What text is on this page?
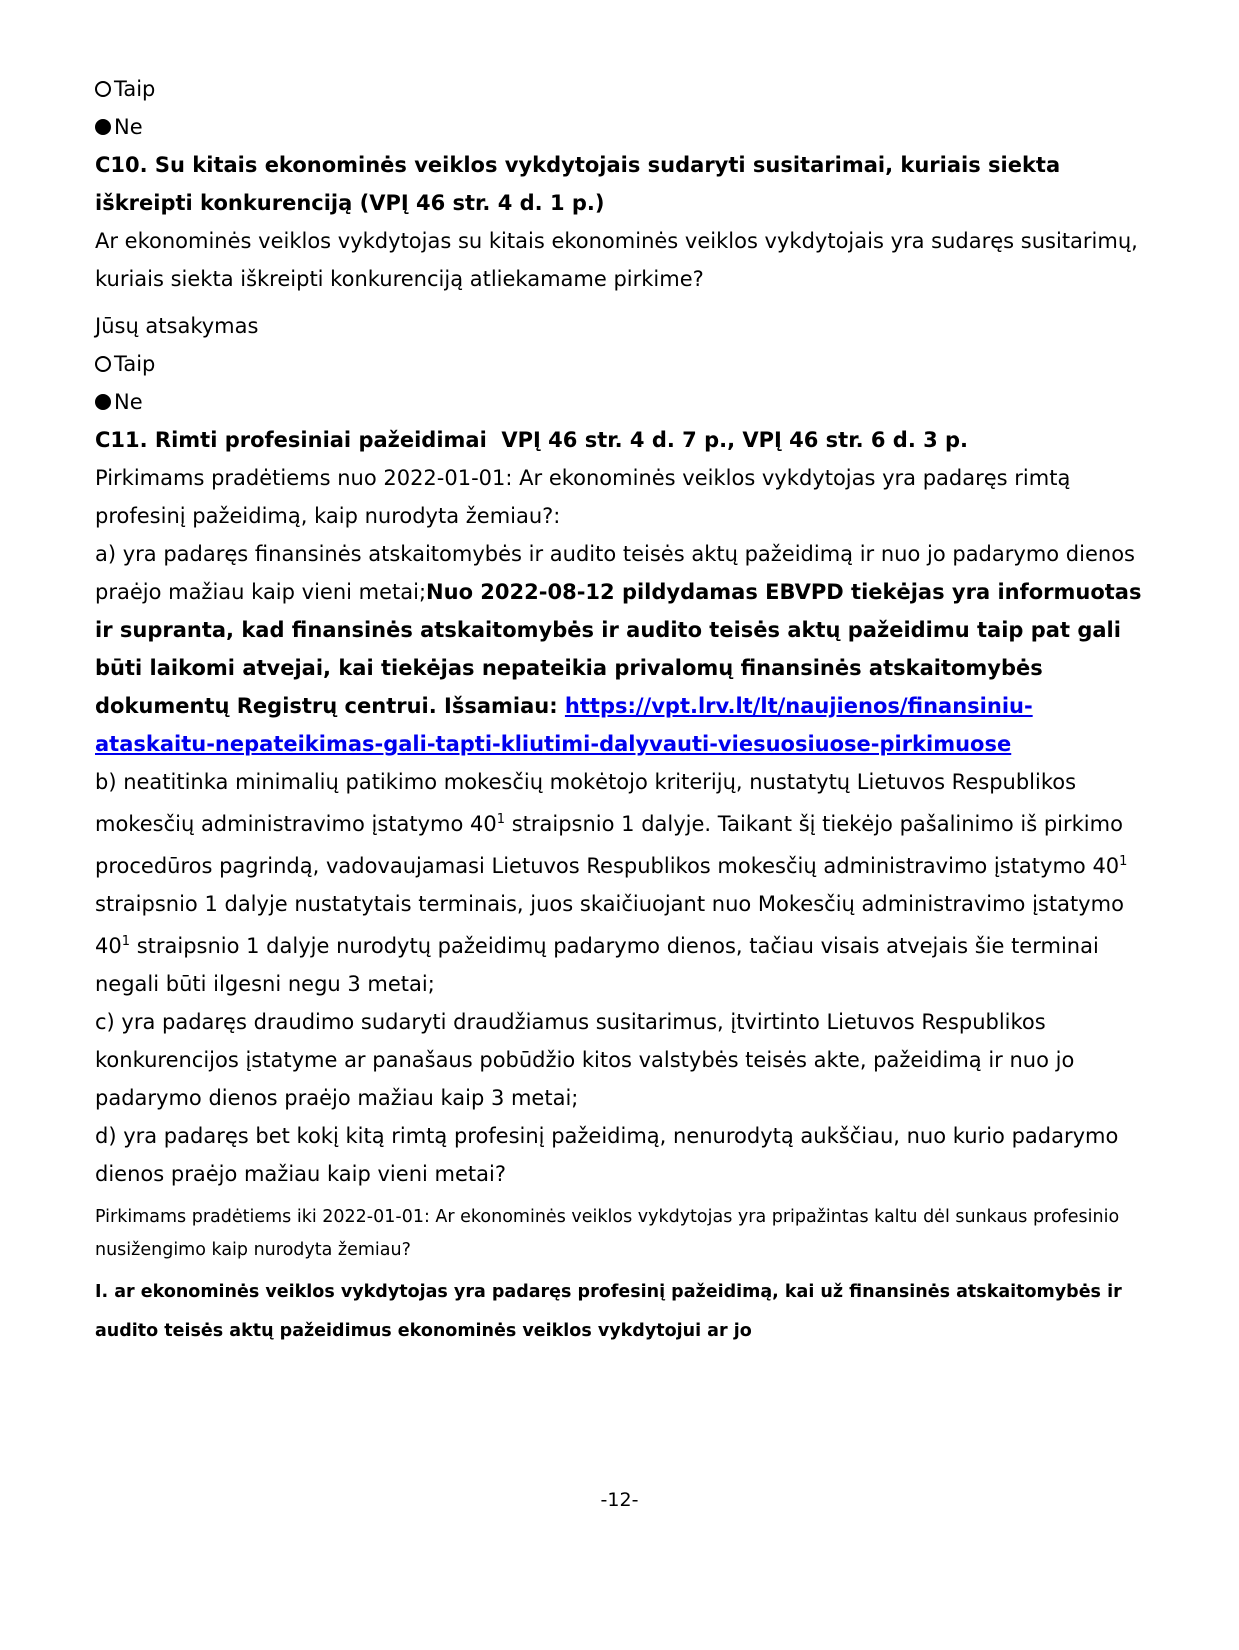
Taip

Ne

C10. Su kitais ekonominės veiklos vykdytojais sudaryti susitarimai, kuriais siekta iškreipti konkurenciją (VPĮ 46 str. 4 d. 1 p.)

Ar ekonominės veiklos vykdytojas su kitais ekonominės veiklos vykdytojais yra sudaręs susitarimų, kuriais siekta iškreipti konkurenciją atliekamame pirkime?

Jūsų atsakymas

Taip

Ne

C11. Rimti profesiniai pažeidimai  VPĮ 46 str. 4 d. 7 p., VPĮ 46 str. 6 d. 3 p.

Pirkimams pradėtiems nuo 2022-01-01: Ar ekonominės veiklos vykdytojas yra padaręs rimtą profesinį pažeidimą, kaip nurodyta žemiau?:

a) yra padaręs finansinės atskaitomybės ir audito teisės aktų pažeidimą ir nuo jo padarymo dienos praėjo mažiau kaip vieni metai;Nuo 2022-08-12 pildydamas EBVPD tiekėjas yra informuotas ir supranta, kad finansinės atskaitomybės ir audito teisės aktų pažeidimu taip pat gali būti laikomi atvejai, kai tiekėjas nepateikia privalomų finansinės atskaitomybės dokumentų Registrų centrui. Išsamiau: https://vpt.lrv.lt/lt/naujienos/finansiniu-ataskaitu-nepateikimas-gali-tapti-kliutimi-dalyvauti-viesuosiuose-pirkimuose

b) neatitinka minimalių patikimo mokesčių mokėtojo kriterijų, nustatytų Lietuvos Respublikos mokesčių administravimo įstatymo 40$^1$ straipsnio 1 dalyje. Taikant šį tiekėjo pašalinimo iš pirkimo procedūros pagrindą, vadovaujamasi Lietuvos Respublikos mokesčių administravimo įstatymo 40$^1$ straipsnio 1 dalyje nustatytais terminais, juos skaičiuojant nuo Mokesčių administravimo įstatymo 40$^1$ straipsnio 1 dalyje nurodytų pažeidimų padarymo dienos, tačiau visais atvejais šie terminai negali būti ilgesni negu 3 metai;

c) yra padaręs draudimo sudaryti draudžiamus susitarimus, įtvirtinto Lietuvos Respublikos konkurencijos įstatyme ar panašaus pobūdžio kitos valstybės teisės akte, pažeidimą ir nuo jo padarymo dienos praėjo mažiau kaip 3 metai;

d) yra padaręs bet kokį kitą rimtą profesinį pažeidimą, nenurodytą aukščiau, nuo kurio padarymo dienos praėjo mažiau kaip vieni metai?

Pirkimams pradėtiems iki 2022-01-01: Ar ekonominės veiklos vykdytojas yra pripažintas kaltu dėl sunkaus profesinio nusižengimo kaip nurodyta žemiau?

I. ar ekonominės veiklos vykdytojas yra padaręs profesinį pažeidimą, kai už finansinės atskaitomybės ir audito teisės aktų pažeidimus ekonominės veiklos vykdytojui ar jo

-12-
